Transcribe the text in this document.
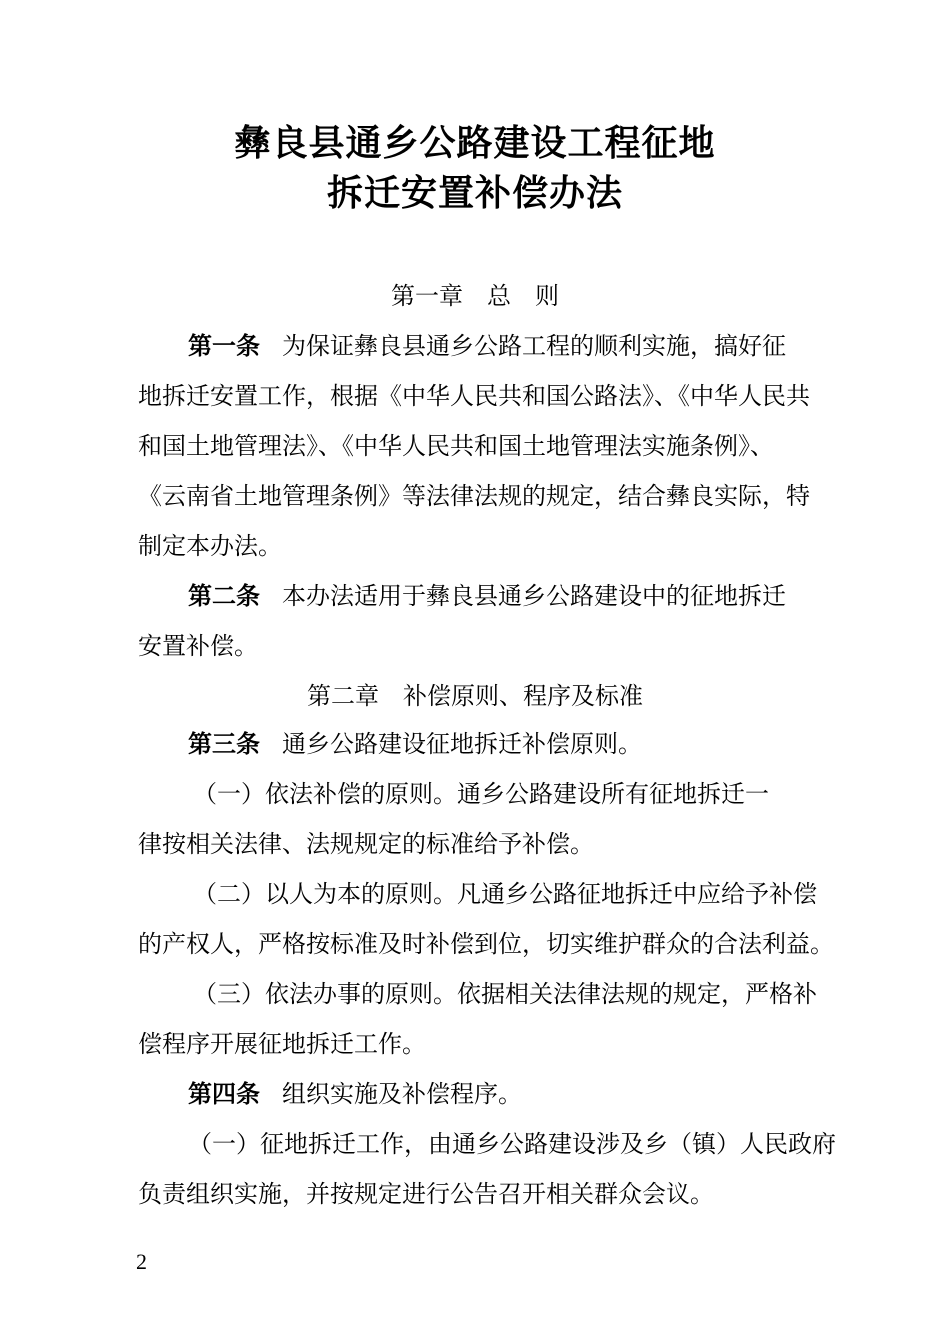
彝良县通乡公路建设工程征地
拆迁安置补偿办法
第一章　总　则
第一条 为保证彝良县通乡公路工程的顺利实施，搞好征
地拆迁安置工作，根据《中华人民共和国公路法》、《中华人民共
和国土地管理法》、《中华人民共和国土地管理法实施条例》、
《云南省土地管理条例》等法律法规的规定，结合彝良实际，特
制定本办法。
第二条 本办法适用于彝良县通乡公路建设中的征地拆迁
安置补偿。
第二章　补偿原则、程序及标准
第三条 通乡公路建设征地拆迁补偿原则。
（一）依法补偿的原则。通乡公路建设所有征地拆迁一
律按相关法律、法规规定的标准给予补偿。
（二）以人为本的原则。凡通乡公路征地拆迁中应给予补偿
的产权人，严格按标准及时补偿到位，切实维护群众的合法利益。
（三）依法办事的原则。依据相关法律法规的规定，严格补
偿程序开展征地拆迁工作。
第四条 组织实施及补偿程序。
（一）征地拆迁工作，由通乡公路建设涉及乡（镇）人民政府
负责组织实施，并按规定进行公告召开相关群众会议。
2
